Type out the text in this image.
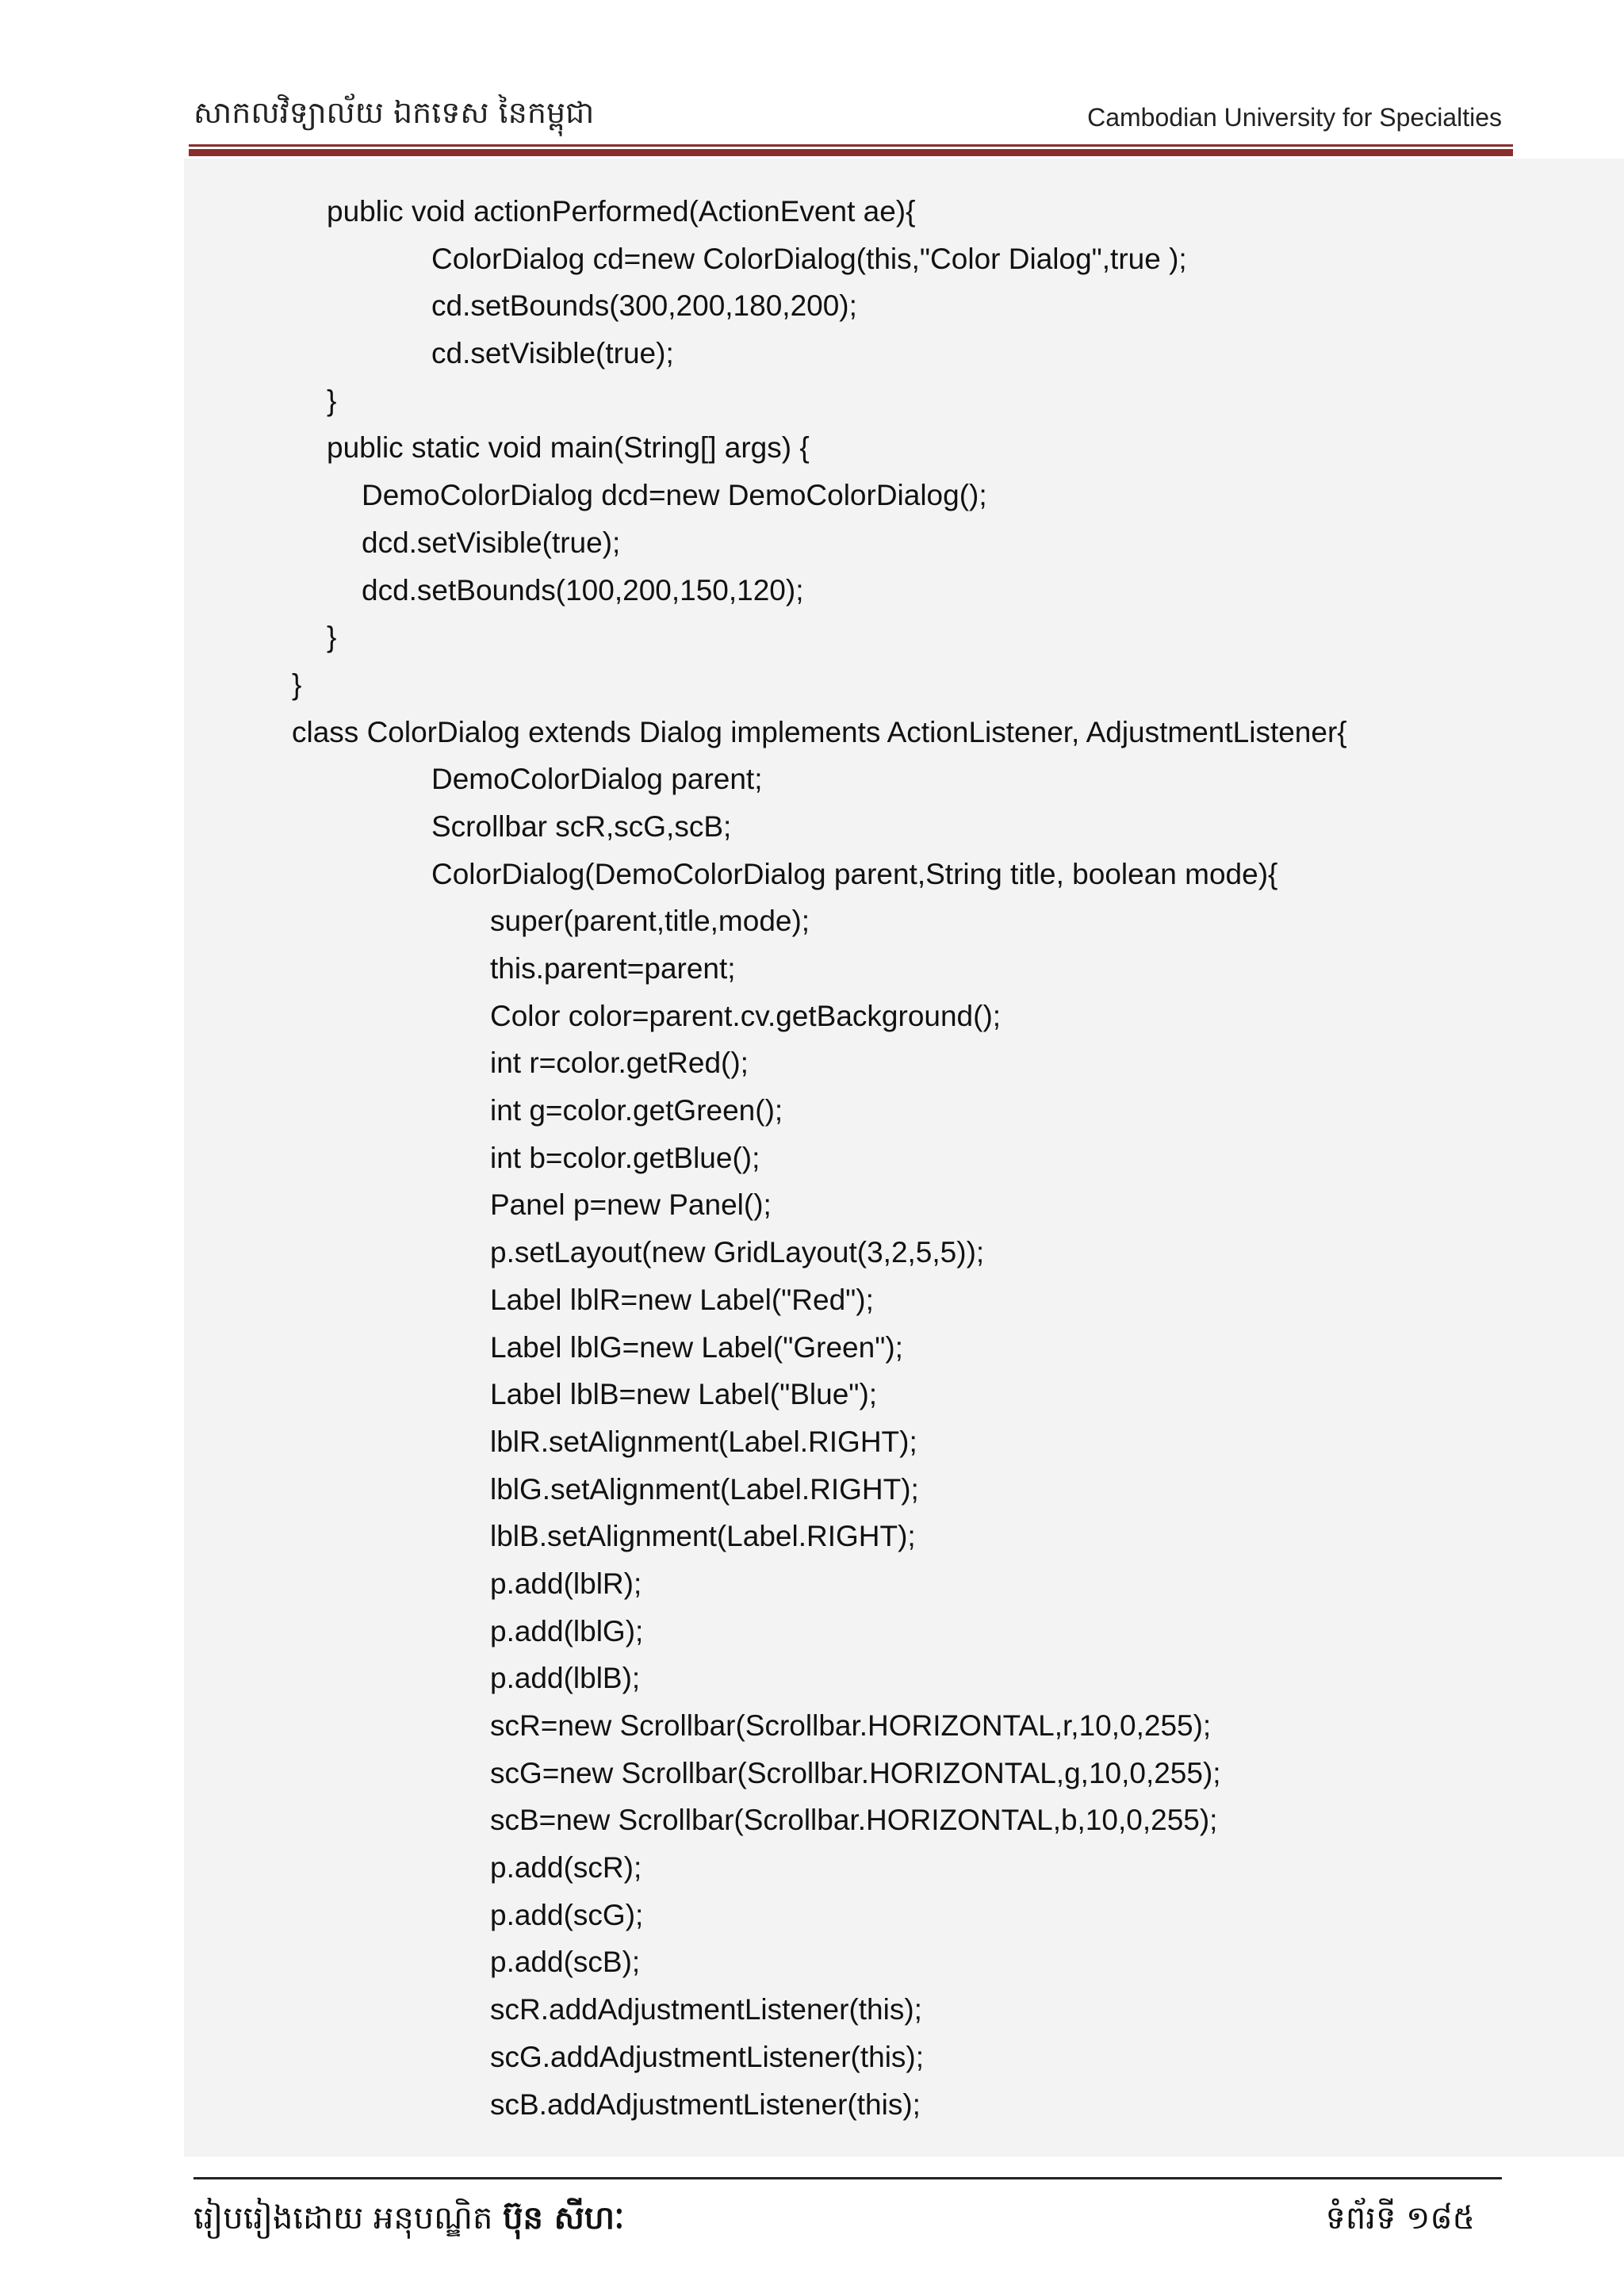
សាកលវិទ្យាល័យ ឯកទេស នៃកម្ពុជា	Cambodian University for Specialties
public void actionPerformed(ActionEvent ae){
ColorDialog cd=new ColorDialog(this,"Color Dialog",true );
cd.setBounds(300,200,180,200);
cd.setVisible(true);
}
public static void main(String[] args) {
DemoColorDialog dcd=new DemoColorDialog();
dcd.setVisible(true);
dcd.setBounds(100,200,150,120);
}
}
class ColorDialog extends Dialog implements ActionListener, AdjustmentListener{
DemoColorDialog parent;
Scrollbar scR,scG,scB;
ColorDialog(DemoColorDialog parent,String title, boolean mode){
super(parent,title,mode);
this.parent=parent;
Color color=parent.cv.getBackground();
int r=color.getRed();
int g=color.getGreen();
int b=color.getBlue();
Panel p=new Panel();
p.setLayout(new GridLayout(3,2,5,5));
Label lblR=new Label("Red");
Label lblG=new Label("Green");
Label lblB=new Label("Blue");
lblR.setAlignment(Label.RIGHT);
lblG.setAlignment(Label.RIGHT);
lblB.setAlignment(Label.RIGHT);
p.add(lblR);
p.add(lblG);
p.add(lblB);
scR=new Scrollbar(Scrollbar.HORIZONTAL,r,10,0,255);
scG=new Scrollbar(Scrollbar.HORIZONTAL,g,10,0,255);
scB=new Scrollbar(Scrollbar.HORIZONTAL,b,10,0,255);
p.add(scR);
p.add(scG);
p.add(scB);
scR.addAdjustmentListener(this);
scG.addAdjustmentListener(this);
scB.addAdjustmentListener(this);
រៀបរៀងដោយ អនុបណ្ឌិត ប៊ុន សីហៈ	ទំព័រទី ១៨៥
